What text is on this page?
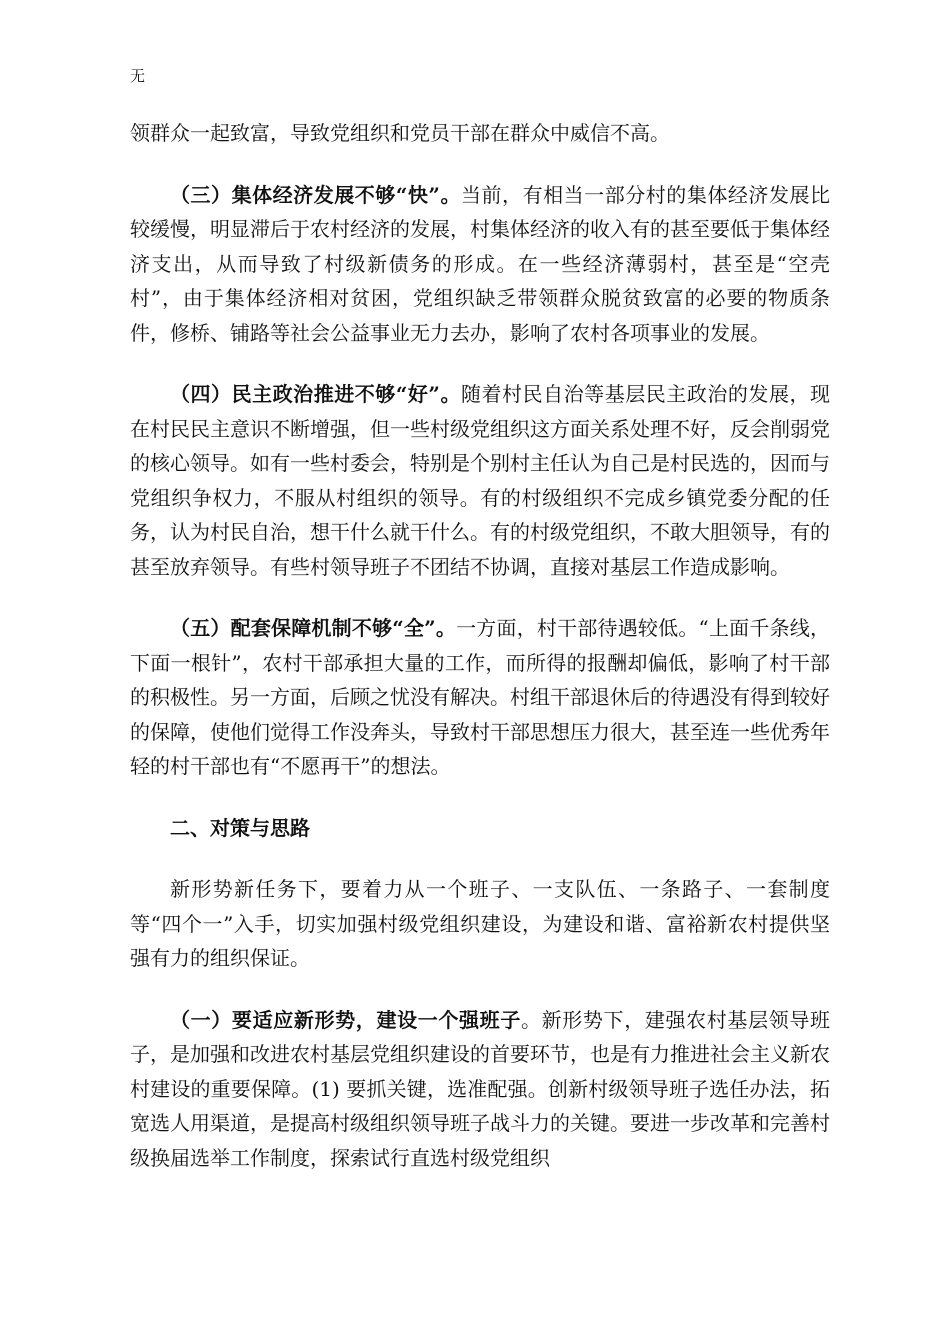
无

领群众一起致富，导致党组织和党员干部在群众中威信不高。

（三）集体经济发展不够“快”。当前，有相当一部分村的集体经济发展比较缓慢，明显滞后于农村经济的发展，村集体经济的收入有的甚至要低于集体经济支出，从而导致了村级新债务的形成。在一些经济薄弱村，甚至是“空壳村”，由于集体经济相对贫困，党组织缺乏带领群众脱贫致富的必要的物质条件，修桥、铺路等社会公益事业无力去办，影响了农村各项事业的发展。

（四）民主政治推进不够“好”。随着村民自治等基层民主政治的发展，现在村民民主意识不断增强，但一些村级党组织这方面关系处理不好，反会削弱党的核心领导。如有一些村委会，特别是个别村主任认为自己是村民选的，因而与党组织争权力，不服从村组织的领导。有的村级组织不完成乡镇党委分配的任务，认为村民自治，想干什么就干什么。有的村级党组织，不敢大胆领导，有的甚至放弃领导。有些村领导班子不团结不协调，直接对基层工作造成影响。

（五）配套保障机制不够“全”。一方面，村干部待遇较低。“上面千条线，下面一根针”，农村干部承担大量的工作，而所得的报酬却偏低，影响了村干部的积极性。另一方面，后顾之忧没有解决。村组干部退休后的待遇没有得到较好的保障，使他们觉得工作没奔头，导致村干部思想压力很大，甚至连一些优秀年轻的村干部也有“不愿再干”的想法。

二、对策与思路

新形势新任务下，要着力从一个班子、一支队伍、一条路子、一套制度等“四个一”入手，切实加强村级党组织建设，为建设和谐、富裕新农村提供坚强有力的组织保证。

（一）要适应新形势，建设一个强班子。新形势下，建强农村基层领导班子，是加强和改进农村基层党组织建设的首要环节，也是有力推进社会主义新农村建设的重要保障。(1) 要抓关键，选准配强。创新村级领导班子选任办法，拓宽选人用渠道，是提高村级组织领导班子战斗力的关键。要进一步改革和完善村级换届选举工作制度，探索试行直选村级党组织
